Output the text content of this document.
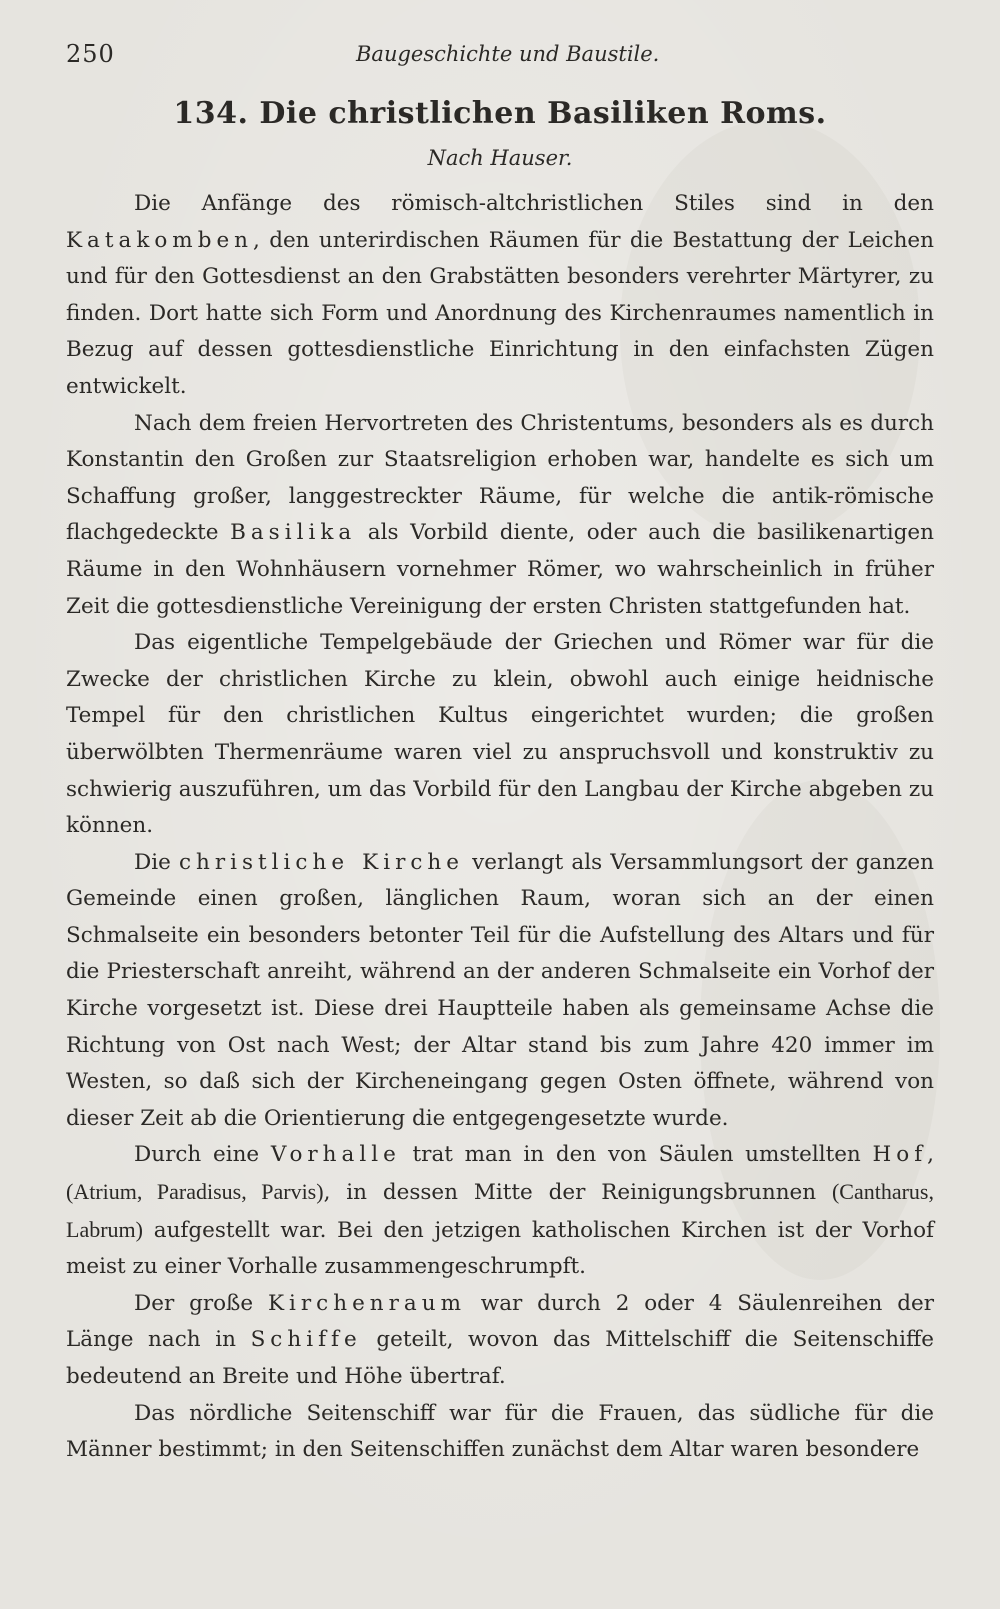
250	Baugeschichte und Baustile.
134. Die christlichen Basiliken Roms.
Nach Hauser.

Die Anfänge des römisch-altchristlichen Stiles sind in den Katakomben, den unterirdischen Räumen für die Bestattung der Leichen und für den Gottesdienst an den Grabstätten besonders verehrter Märtyrer, zu finden. Dort hatte sich Form und Anordnung des Kirchenraumes namentlich in Bezug auf dessen gottesdienstliche Einrichtung in den einfachsten Zügen entwickelt.

Nach dem freien Hervortreten des Christentums, besonders als es durch Konstantin den Großen zur Staatsreligion erhoben war, handelte es sich um Schaffung großer, langgestreckter Räume, für welche die antik-römische flachgedeckte Basilika als Vorbild diente, oder auch die basilikenartigen Räume in den Wohnhäusern vornehmer Römer, wo wahrscheinlich in früher Zeit die gottesdienstliche Vereinigung der ersten Christen stattgefunden hat.

Das eigentliche Tempelgebäude der Griechen und Römer war für die Zwecke der christlichen Kirche zu klein, obwohl auch einige heidnische Tempel für den christlichen Kultus eingerichtet wurden; die großen überwölbten Thermenräume waren viel zu anspruchsvoll und konstruktiv zu schwierig auszuführen, um das Vorbild für den Langbau der Kirche abgeben zu können.

Die christliche Kirche verlangt als Versammlungsort der ganzen Gemeinde einen großen, länglichen Raum, woran sich an der einen Schmalseite ein besonders betonter Teil für die Aufstellung des Altars und für die Priesterschaft anreiht, während an der anderen Schmalseite ein Vorhof der Kirche vorgesetzt ist. Diese drei Hauptteile haben als gemeinsame Achse die Richtung von Ost nach West; der Altar stand bis zum Jahre 420 immer im Westen, so daß sich der Kircheneingang gegen Osten öffnete, während von dieser Zeit ab die Orientierung die entgegengesetzte wurde.

Durch eine Vorhalle trat man in den von Säulen umstellten Hof, (Atrium, Paradisus, Parvis), in dessen Mitte der Reinigungsbrunnen (Cantharus, Labrum) aufgestellt war. Bei den jetzigen katholischen Kirchen ist der Vorhof meist zu einer Vorhalle zusammengeschrumpft.

Der große Kirchenraum war durch 2 oder 4 Säulenreihen der Länge nach in Schiffe geteilt, wovon das Mittelschiff die Seitenschiffe bedeutend an Breite und Höhe übertraf.

Das nördliche Seitenschiff war für die Frauen, das südliche für die Männer bestimmt; in den Seitenschiffen zunächst dem Altar waren besondere
